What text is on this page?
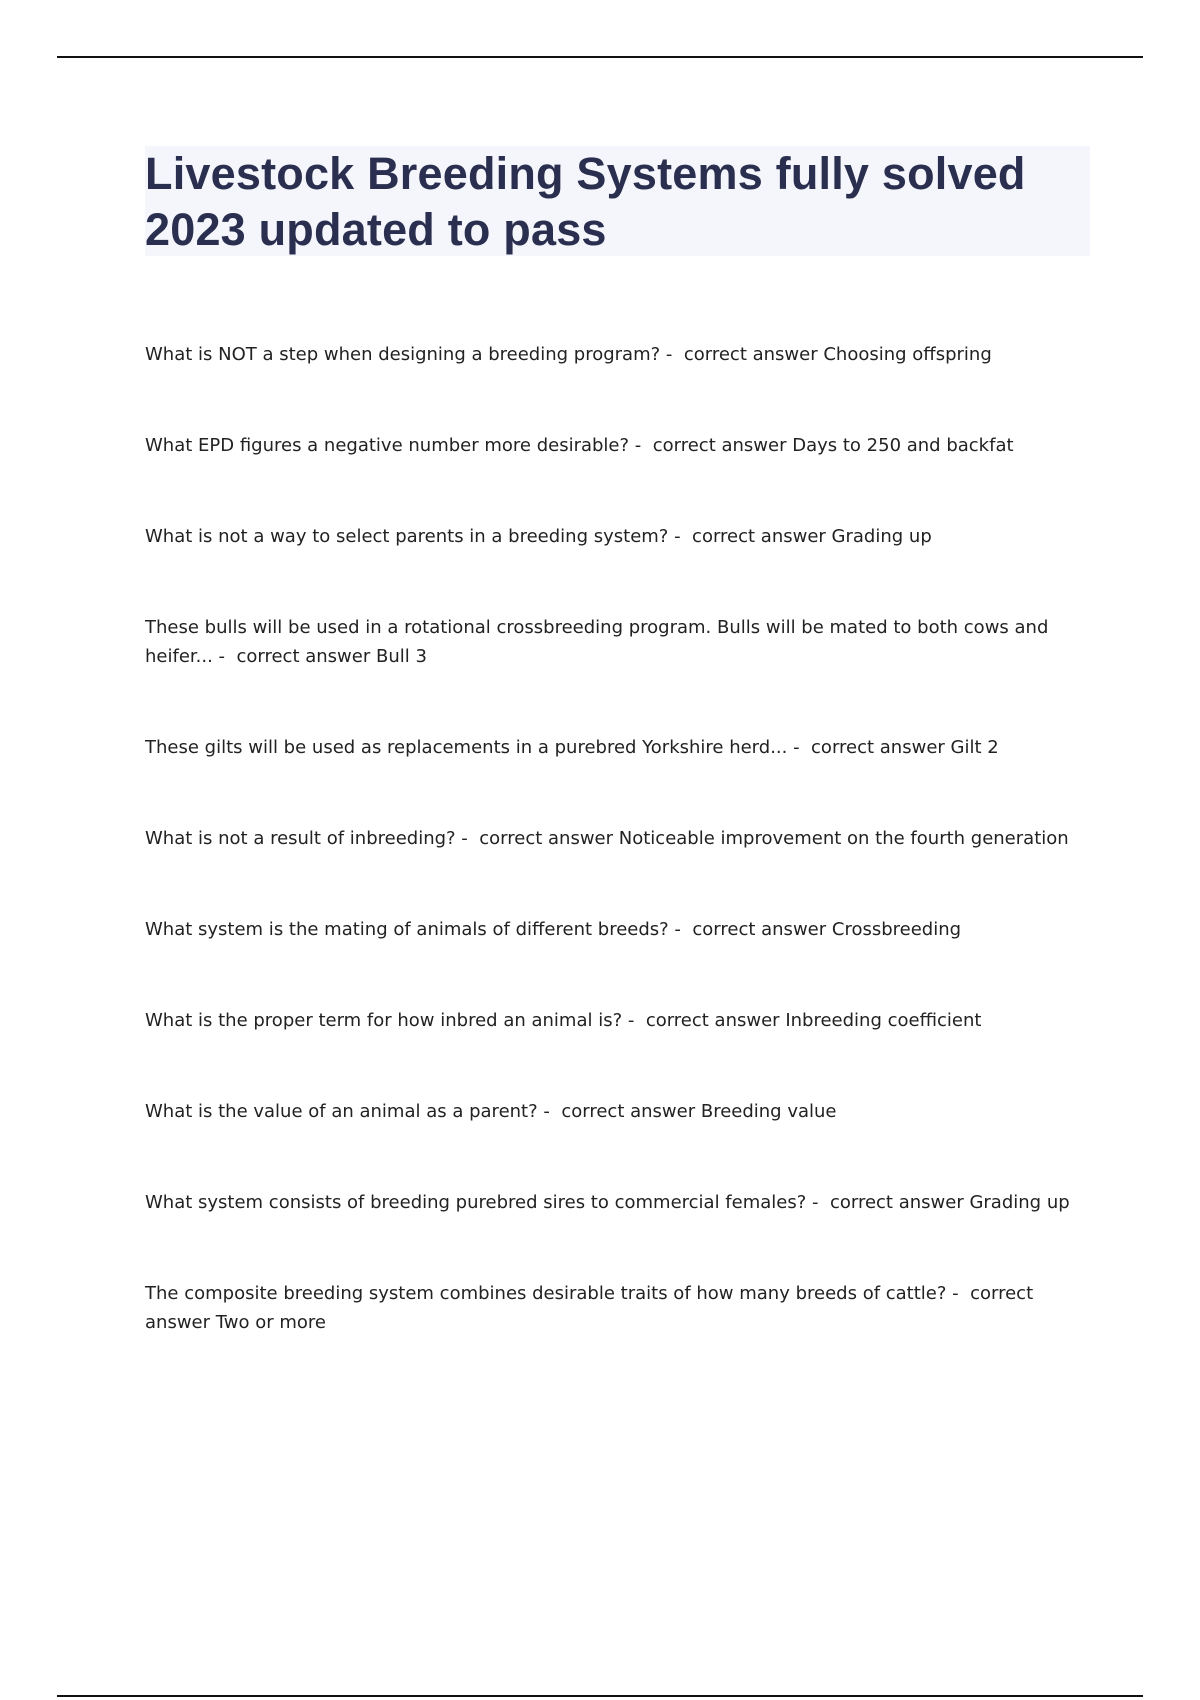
Livestock Breeding Systems fully solved 2023 updated to pass
What is NOT a step when designing a breeding program? - correct answer Choosing offspring
What EPD figures a negative number more desirable? - correct answer Days to 250 and backfat
What is not a way to select parents in a breeding system? - correct answer Grading up
These bulls will be used in a rotational crossbreeding program. Bulls will be mated to both cows and heifer... - correct answer Bull 3
These gilts will be used as replacements in a purebred Yorkshire herd... - correct answer Gilt 2
What is not a result of inbreeding? - correct answer Noticeable improvement on the fourth generation
What system is the mating of animals of different breeds? - correct answer Crossbreeding
What is the proper term for how inbred an animal is? - correct answer Inbreeding coefficient
What is the value of an animal as a parent? - correct answer Breeding value
What system consists of breeding purebred sires to commercial females? - correct answer Grading up
The composite breeding system combines desirable traits of how many breeds of cattle? - correct answer Two or more
